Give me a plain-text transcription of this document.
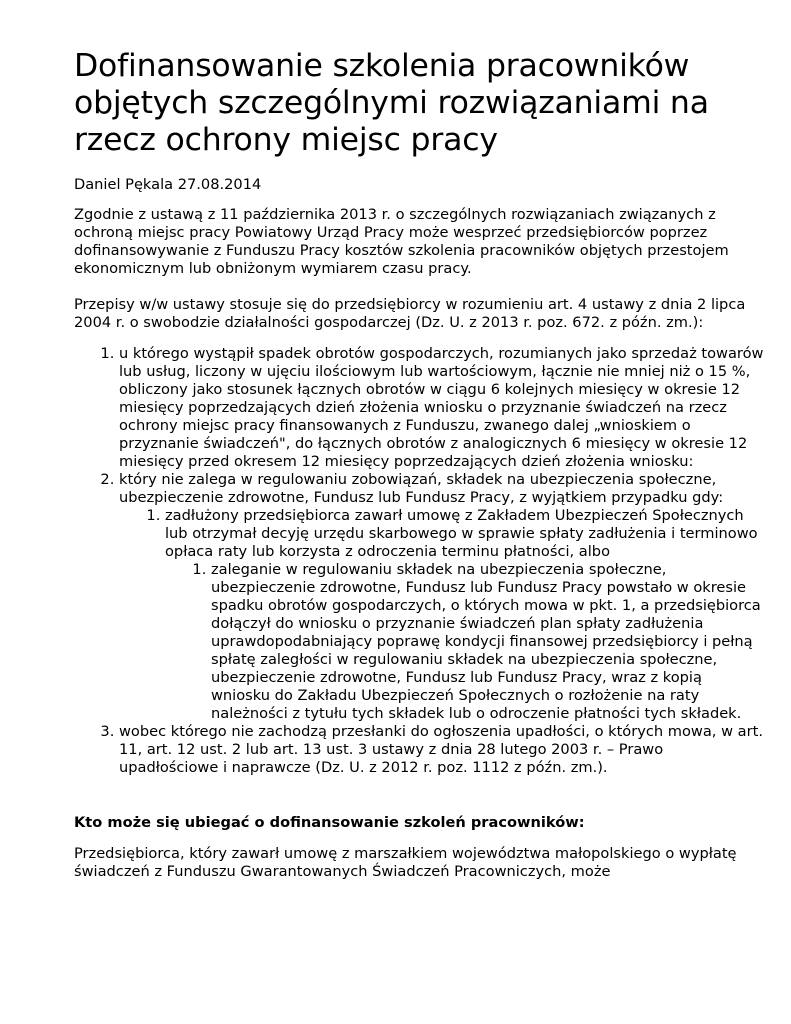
Dofinansowanie szkolenia pracowników objętych szczególnymi rozwiązaniami na rzecz ochrony miejsc pracy

Daniel Pękala 27.08.2014

Zgodnie z ustawą z 11 października 2013 r. o szczególnych rozwiązaniach związanych z ochroną miejsc pracy Powiatowy Urząd Pracy może wesprzeć przedsiębiorców poprzez dofinansowywanie z Funduszu Pracy kosztów szkolenia pracowników objętych przestojem ekonomicznym lub obniżonym wymiarem czasu pracy.

Przepisy w/w ustawy stosuje się do przedsiębiorcy w rozumieniu art. 4 ustawy z dnia 2 lipca 2004 r. o swobodzie działalności gospodarczej (Dz. U. z 2013 r. poz. 672. z późn. zm.):

1. u którego wystąpił spadek obrotów gospodarczych, rozumianych jako sprzedaż towarów lub usług, liczony w ujęciu ilościowym lub wartościowym, łącznie nie mniej niż o 15 %, obliczony jako stosunek łącznych obrotów w ciągu 6 kolejnych miesięcy w okresie 12 miesięcy poprzedzających dzień złożenia wniosku o przyznanie świadczeń na rzecz ochrony miejsc pracy finansowanych z Funduszu, zwanego dalej „wnioskiem o przyznanie świadczeń", do łącznych obrotów z analogicznych 6 miesięcy w okresie 12 miesięcy przed okresem 12 miesięcy poprzedzających dzień złożenia wniosku:
2. który nie zalega w regulowaniu zobowiązań, składek na ubezpieczenia społeczne, ubezpieczenie zdrowotne, Fundusz lub Fundusz Pracy, z wyjątkiem przypadku gdy:
1. zadłużony przedsiębiorca zawarł umowę z Zakładem Ubezpieczeń Społecznych lub otrzymał decyję urzędu skarbowego w sprawie spłaty zadłużenia i terminowo opłaca raty lub korzysta z odroczenia terminu płatności, albo
1. zaleganie w regulowaniu składek na ubezpieczenia społeczne, ubezpieczenie zdrowotne, Fundusz lub Fundusz Pracy powstało w okresie spadku obrotów gospodarczych, o których mowa w pkt. 1, a przedsiębiorca dołączył do wniosku o przyznanie świadczeń plan spłaty zadłużenia uprawdopodabniający poprawę kondycji finansowej przedsiębiorcy i pełną spłatę zaległości w regulowaniu składek na ubezpieczenia społeczne, ubezpieczenie zdrowotne, Fundusz lub Fundusz Pracy, wraz z kopią wniosku do Zakładu Ubezpieczeń Społecznych o rozłożenie na raty należności z tytułu tych składek lub o odroczenie płatności tych składek.
3. wobec którego nie zachodzą przesłanki do ogłoszenia upadłości, o których mowa, w art. 11, art. 12 ust. 2 lub art. 13 ust. 3 ustawy z dnia 28 lutego 2003 r. – Prawo upadłościowe i naprawcze (Dz. U. z 2012 r. poz. 1112 z późn. zm.).
Kto może się ubiegać o dofinansowanie szkoleń pracowników:

Przedsiębiorca, który zawarł umowę z marszałkiem województwa małopolskiego o wypłatę świadczeń z Funduszu Gwarantowanych Świadczeń Pracowniczych, może
